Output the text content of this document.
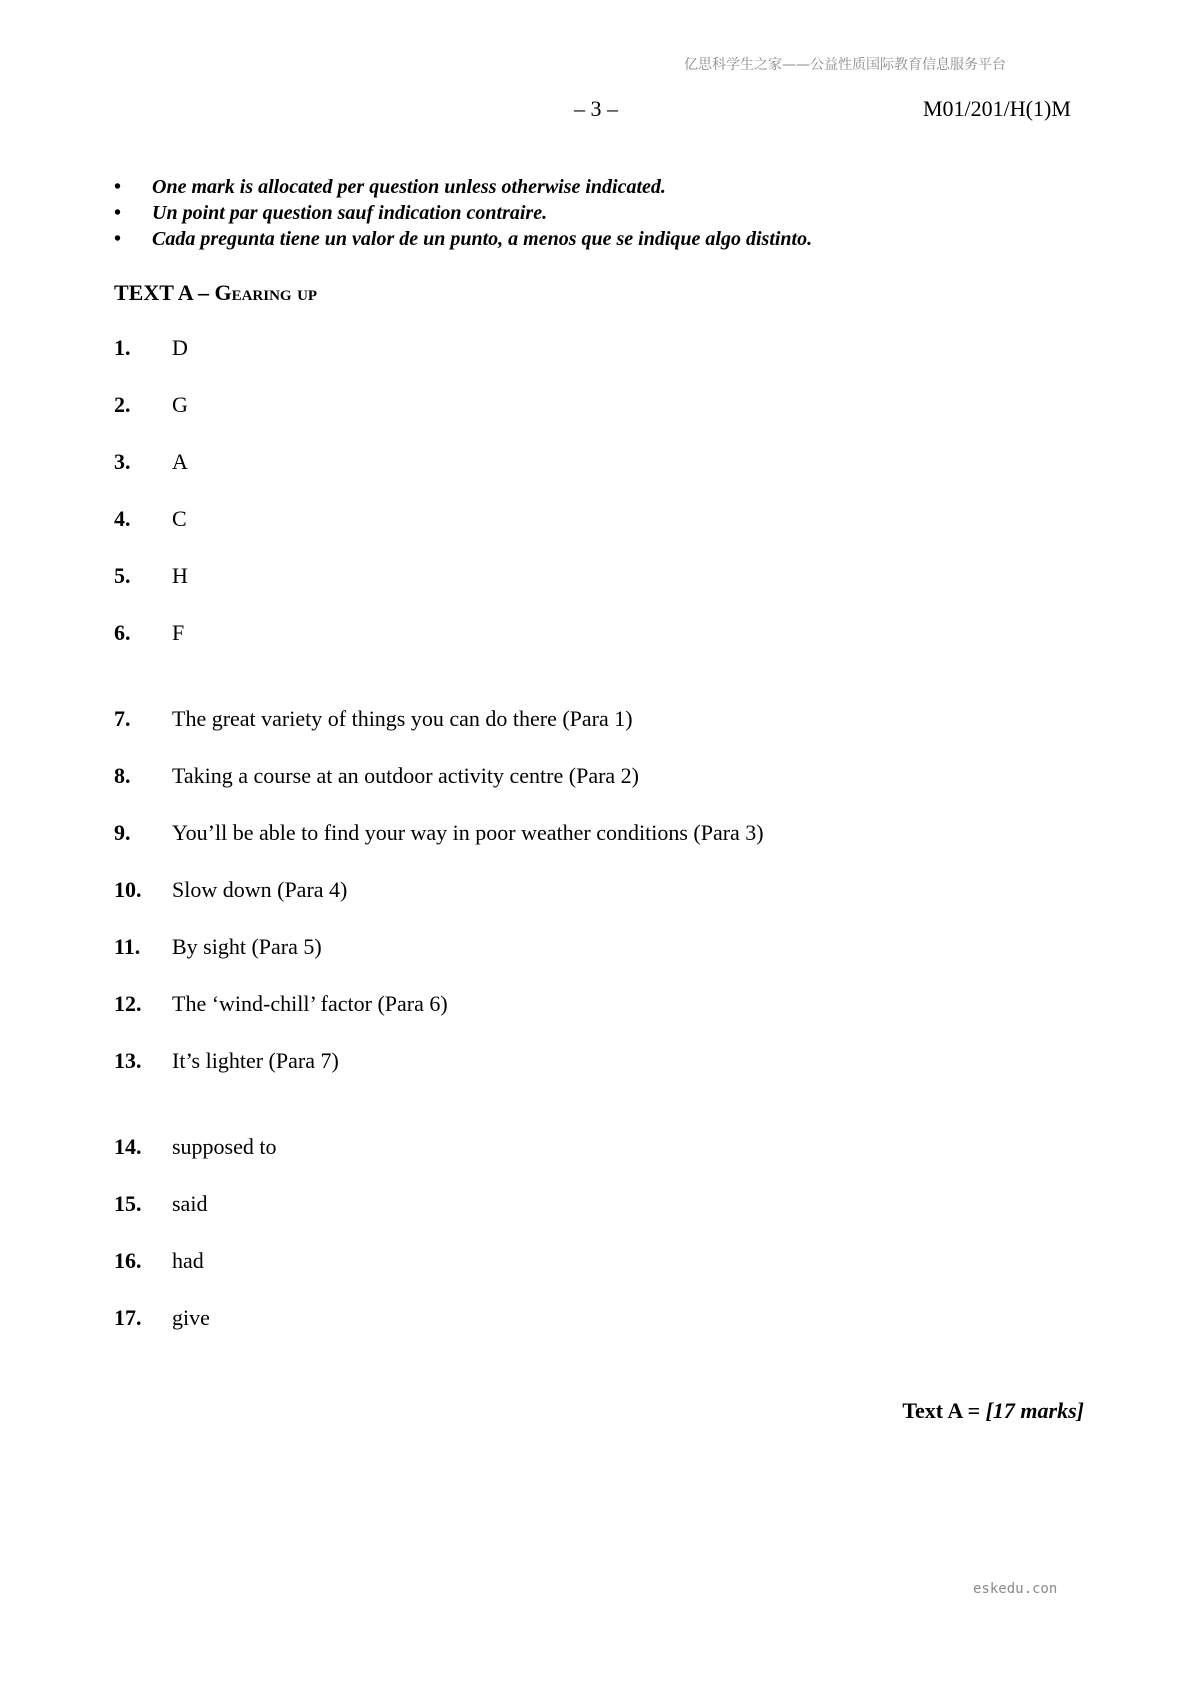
亿思科学生之家——公益性质国际教育信息服务平台
– 3 –	M01/201/H(1)M
• One mark is allocated per question unless otherwise indicated.
• Un point par question sauf indication contraire.
• Cada pregunta tiene un valor de un punto, a menos que se indique algo distinto.
TEXT A – Gearing up
1.	D
2.	G
3.	A
4.	C
5.	H
6.	F
7.	The great variety of things you can do there (Para 1)
8.	Taking a course at an outdoor activity centre (Para 2)
9.	You’ll be able to find your way in poor weather conditions (Para 3)
10.	Slow down (Para 4)
11.	By sight (Para 5)
12.	The ‘wind-chill’ factor (Para 6)
13.	It’s lighter (Para 7)
14.	supposed to
15.	said
16.	had
17.	give
Text A = [17 marks]
eskedu.con
